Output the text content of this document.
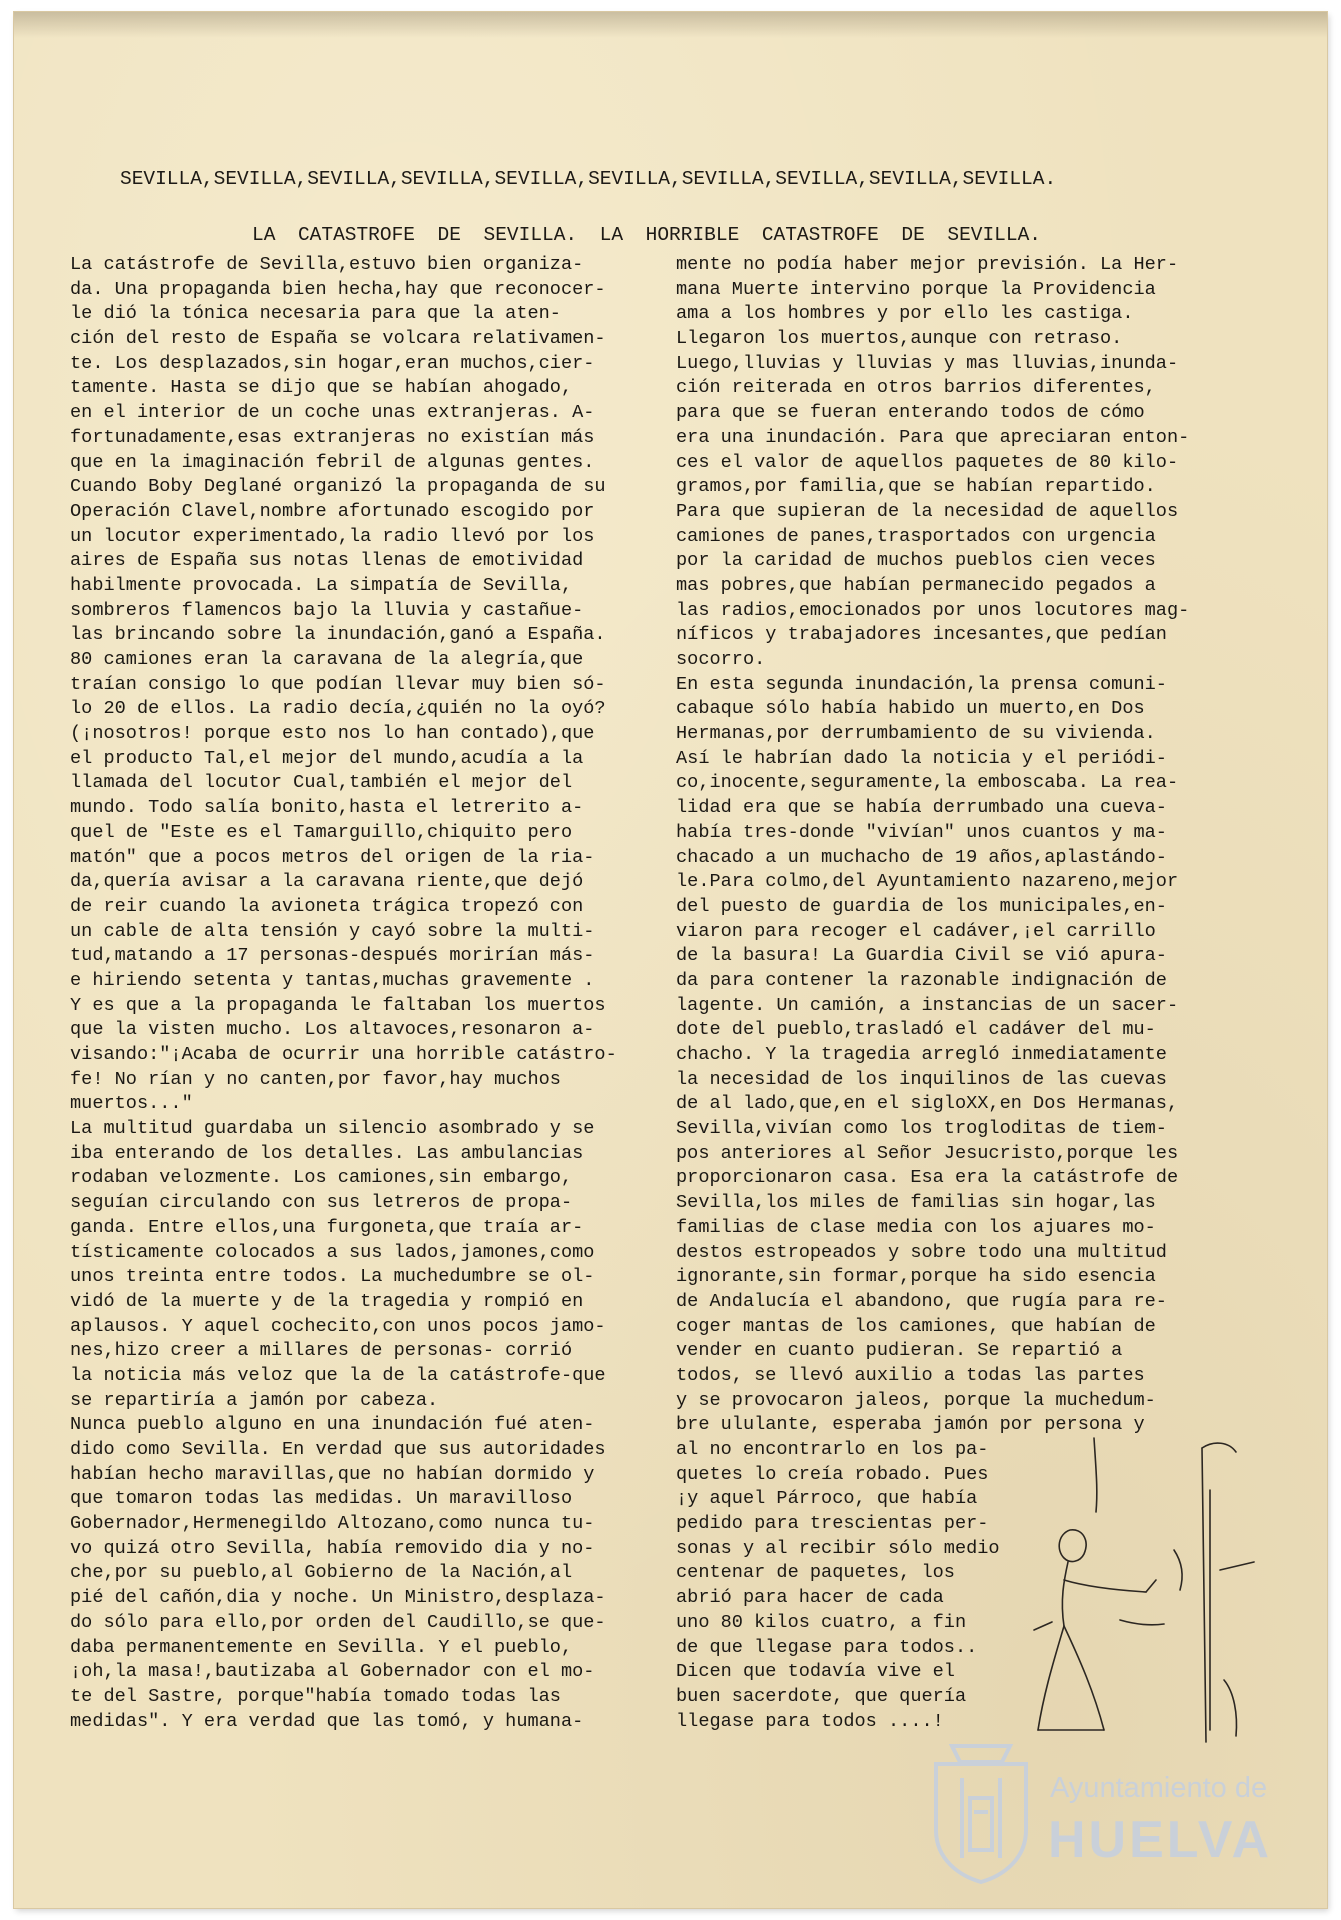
SEVILLA,SEVILLA,SEVILLA,SEVILLA,SEVILLA,SEVILLA,SEVILLA,SEVILLA,SEVILLA,SEVILLA.
LA CATASTROFE DE SEVILLA. LA HORRIBLE CATASTROFE DE SEVILLA.
La catástrofe de Sevilla,estuvo bien organiza-
da. Una propaganda bien hecha,hay que reconocer-
le dió la tónica necesaria para que la aten-
ción del resto de España se volcara relativamen-
te. Los desplazados,sin hogar,eran muchos,cier-
tamente. Hasta se dijo que se habían ahogado,
en el interior de un coche unas extranjeras. A-
fortunadamente,esas extranjeras no existían más
que en la imaginación febril de algunas gentes.
Cuando Boby Deglané organizó la propaganda de su
Operación Clavel,nombre afortunado escogido por
un locutor experimentado,la radio llevó por los
aires de España sus notas llenas de emotividad
habilmente provocada. La simpatía de Sevilla,
sombreros flamencos bajo la lluvia y castañue-
las brincando sobre la inundación,ganó a España.
80 camiones eran la caravana de la alegría,que
traían consigo lo que podían llevar muy bien só-
lo 20 de ellos. La radio decía,¿quién no la oyó?
(¡nosotros! porque esto nos lo han contado),que
el producto Tal,el mejor del mundo,acudía a la
llamada del locutor Cual,también el mejor del
mundo. Todo salía bonito,hasta el letrerito a-
quel de "Este es el Tamarguillo,chiquito pero
matón" que a pocos metros del origen de la ria-
da,quería avisar a la caravana riente,que dejó
de reir cuando la avioneta trágica tropezó con
un cable de alta tensión y cayó sobre la multi-
tud,matando a 17 personas-después morirían más-
e hiriendo setenta y tantas,muchas gravemente .
Y es que a la propaganda le faltaban los muertos
que la visten mucho. Los altavoces,resonaron a-
visando:"¡Acaba de ocurrir una horrible catástro-
fe! No rían y no canten,por favor,hay muchos
muertos..."
La multitud guardaba un silencio asombrado y se
iba enterando de los detalles. Las ambulancias
rodaban velozmente. Los camiones,sin embargo,
seguían circulando con sus letreros de propa-
ganda. Entre ellos,una furgoneta,que traía ar-
tísticamente colocados a sus lados,jamones,como
unos treinta entre todos. La muchedumbre se ol-
vidó de la muerte y de la tragedia y rompió en
aplausos. Y aquel cochecito,con unos pocos jamo-
nes,hizo creer a millares de personas- corrió
la noticia más veloz que la de la catástrofe-que
se repartiría a jamón por cabeza.
Nunca pueblo alguno en una inundación fué aten-
dido como Sevilla. En verdad que sus autoridades
habían hecho maravillas,que no habían dormido y
que tomaron todas las medidas. Un maravilloso
Gobernador,Hermenegildo Altozano,como nunca tu-
vo quizá otro Sevilla, había removido dia y no-
che,por su pueblo,al Gobierno de la Nación,al
pié del cañón,dia y noche. Un Ministro,desplaza-
do sólo para ello,por orden del Caudillo,se que-
daba permanentemente en Sevilla. Y el pueblo,
¡oh,la masa!,bautizaba al Gobernador con el mo-
te del Sastre, porque"había tomado todas las
medidas". Y era verdad que las tomó, y humana-
mente no podía haber mejor previsión. La Her-
mana Muerte intervino porque la Providencia
ama a los hombres y por ello les castiga.
Llegaron los muertos,aunque con retraso.
Luego,lluvias y lluvias y mas lluvias,inunda-
ción reiterada en otros barrios diferentes,
para que se fueran enterando todos de cómo
era una inundación. Para que apreciaran enton-
ces el valor de aquellos paquetes de 80 kilo-
gramos,por familia,que se habían repartido.
Para que supieran de la necesidad de aquellos
camiones de panes,trasportados con urgencia
por la caridad de muchos pueblos cien veces
mas pobres,que habían permanecido pegados a
las radios,emocionados por unos locutores mag-
níficos y trabajadores incesantes,que pedían
socorro.
En esta segunda inundación,la prensa comuni-
cabaque sólo había habido un muerto,en Dos
Hermanas,por derrumbamiento de su vivienda.
Así le habrían dado la noticia y el periódi-
co,inocente,seguramente,la emboscaba. La rea-
lidad era que se había derrumbado una cueva-
había tres-donde "vivían" unos cuantos y ma-
chacado a un muchacho de 19 años,aplastándo-
le.Para colmo,del Ayuntamiento nazareno,mejor
del puesto de guardia de los municipales,en-
viaron para recoger el cadáver,¡el carrillo
de la basura! La Guardia Civil se vió apura-
da para contener la razonable indignación de
lagente. Un camión, a instancias de un sacer-
dote del pueblo,trasladó el cadáver del mu-
chacho. Y la tragedia arregló inmediatamente
la necesidad de los inquilinos de las cuevas
de al lado,que,en el sigloXX,en Dos Hermanas,
Sevilla,vivían como los trogloditas de tiem-
pos anteriores al Señor Jesucristo,porque les
proporcionaron casa. Esa era la catástrofe de
Sevilla,los miles de familias sin hogar,las
familias de clase media con los ajuares mo-
destos estropeados y sobre todo una multitud
ignorante,sin formar,porque ha sido esencia
de Andalucía el abandono, que rugía para re-
coger mantas de los camiones, que habían de
vender en cuanto pudieran. Se repartió a
todos, se llevó auxilio a todas las partes
y se provocaron jaleos, porque la muchedum-
bre ululante, esperaba jamón por persona y
al no encontrarlo en los pa-
quetes lo creía robado. Pues
¡y aquel Párroco, que había
pedido para trescientas per-
sonas y al recibir sólo medio
centenar de paquetes, los
abrió para hacer de cada
uno 80 kilos cuatro, a fin
de que llegase para todos..
Dicen que todavía vive el
buen sacerdote, que quería
llegase para todos ....!
Ayuntamiento de
HUELVA
